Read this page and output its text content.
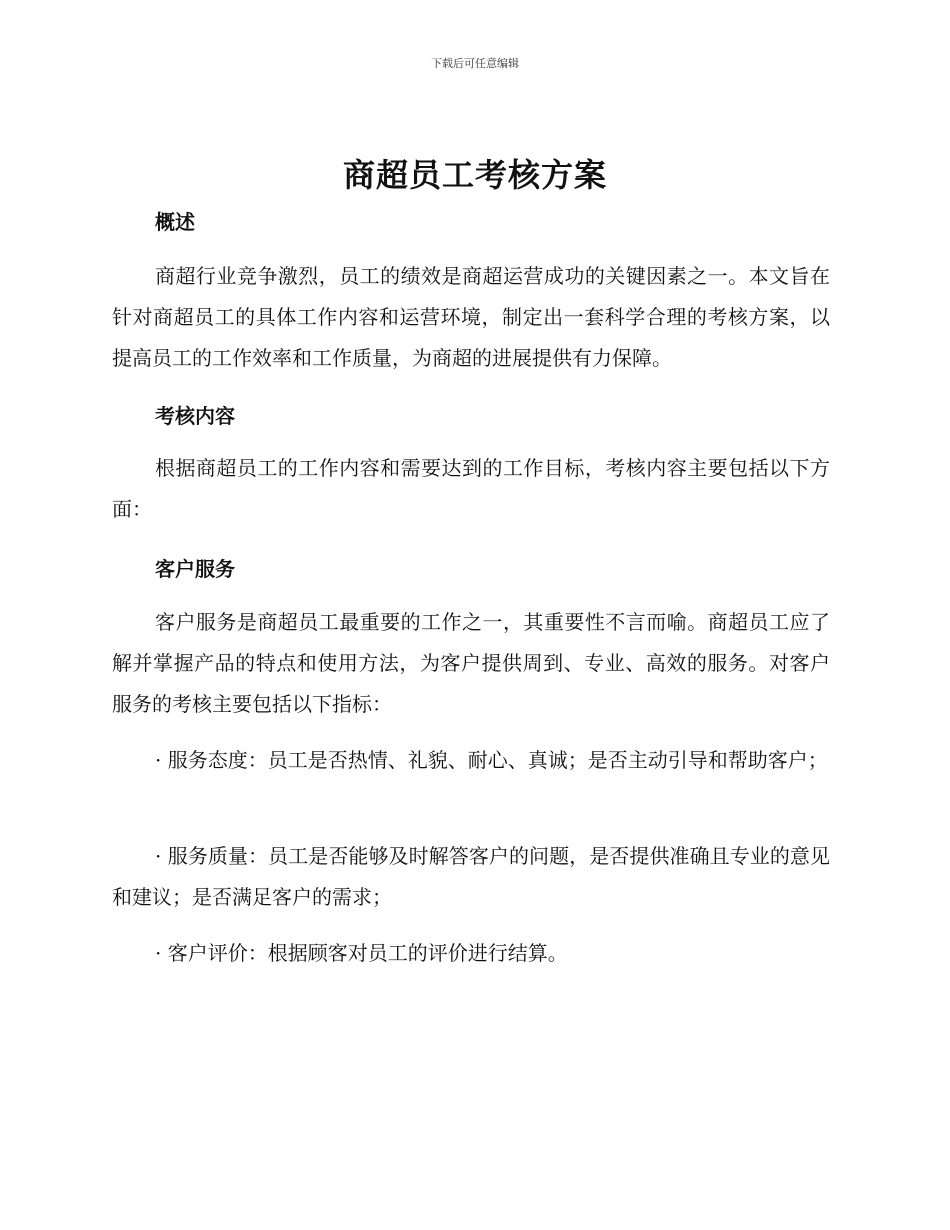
下载后可任意编辑
商超员工考核方案
概述

商超行业竞争激烈，员工的绩效是商超运营成功的关键因素之一。本文旨在针对商超员工的具体工作内容和运营环境，制定出一套科学合理的考核方案，以提高员工的工作效率和工作质量，为商超的进展提供有力保障。

考核内容

根据商超员工的工作内容和需要达到的工作目标，考核内容主要包括以下方面：

客户服务

客户服务是商超员工最重要的工作之一，其重要性不言而喻。商超员工应了解并掌握产品的特点和使用方法，为客户提供周到、专业、高效的服务。对客户服务的考核主要包括以下指标：

· 服务态度：员工是否热情、礼貌、耐心、真诚；是否主动引导和帮助客户；

· 服务质量：员工是否能够及时解答客户的问题，是否提供准确且专业的意见和建议；是否满足客户的需求；

· 客户评价：根据顾客对员工的评价进行结算。
